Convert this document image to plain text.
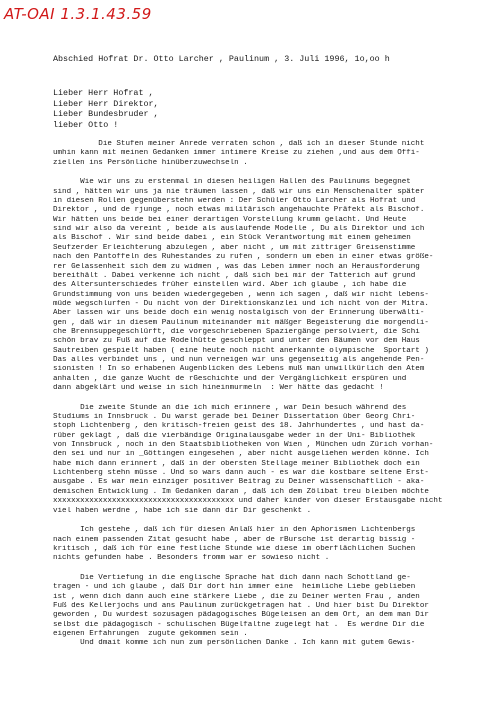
AT-OAI 1.3.1.43.59
Abschied Hofrat Dr. Otto Larcher , Paulinum , 3. Juli 1996, 1o,oo h
Lieber Herr Hofrat ,
Lieber Herr Direktor,
Lieber Bundesbruder ,
lieber Otto !
Die Stufen meiner Anrede verraten schon , daß ich in dieser Stunde nicht
umhin kann mit meinen Gedanken immer intimere Kreise zu ziehen ,und aus dem Offi-
ziellen ins Persönliche hinüberzuwechseln .
Wie wir uns zu erstenmal in diesen heiligen Hallen des Paulinums begegnet
sind , hätten wir uns ja nie träumen lassen , daß wir uns ein Menschenalter später
in diesen Rollen gegenüberstehn werden : Der Schüler Otto Larcher als Hofrat und
Direktor , und de rjunge , noch etwas militärisch angehauchte Präfekt als Bischof.
Wir hätten uns beide bei einer derartigen Vorstellung krumm gelacht. Und Heute
sind wir also da vereint , beide als auslaufende Modelle , Du als Direktor und ich
als Bischof . Wir sind beide dabei , ein Stück Verantwortung mit einem geheimen
Seufzerder Erleichterung abzulegen , aber nicht , um mit zittriger Greisenstimme
nach den Pantoffeln des Ruhestandes zu rufen , sondern um eben in einer etwas größe-
rer Gelassenheit sich dem zu widmen , was das Leben immer noch an Herausforderung
bereithält . Dabei verkenne ich nicht , daß sich bei mir der Tatterich auf grund
des Altersunterschiedes früher einstellen wird. Aber ich glaube , ich habe die
Grundstimmung von uns beiden wiedergegeben , wenn ich sagen , daß wir nicht lebens-
müde wegschlurfen - Du nicht von der Direktionskanzlei und ich nicht von der Mitra.
Aber lassen wir uns beide doch ein wenig nostalgisch von der Erinnerung überwälti-
gen , daß wir in diesem Paulinum miteinander mit mäßger Begeisterung die morgendli-
che Brennsuppegeschlürft, die vorgeschriebenen Spaziergänge persolviert, die Schi
schön brav zu Fuß auf die Rodelhütte geschleppt und unter den Bäumen vor dem Haus
Sautreiben gespielt haben ( eine heute noch nicht anerkannte olympische  Sportart )
Das alles verbindet uns , und nun verneigen wir uns gegenseitig als angehende Pen-
sionisten ! In so erhabenen Augenblicken des Lebens muß man unwillkürlich den Atem
anhalten , die ganze Wucht de rGeschichte und der Vergänglichkeit erspüren und
dann abgeklärt und weise in sich hineinmurmeln  : Wer hätte das gedacht !
Die zweite Stunde an die ich mich erinnere , war Dein besuch während des
Studiums in Innsbruck . Du warst gerade bei Deiner Dissertation über Georg Chri-
stoph Lichtenberg , den kritisch-freien geist des 18. Jahrhundertes , und hast da-
rüber geklagt , daß die vierbändige Originalausgabe weder in der Uni- Bibliothek
von Innsbruck , noch in den Staatsbibliotheken von Wien , München udn Zürich vorhan-
den sei und nur in _Göttingen eingesehen , aber nicht ausgeliehen werden könne. Ich
habe mich dann erinnert , daß in der obersten Stellage meiner Bibliothek doch ein
Lichtenberg stehn müsse . Und so wars dann auch - es war die kostbare seltene Erst-
ausgabe . Es war mein einziger positiver Beitrag zu Deiner wissenschaftlich - aka-
demischen Entwicklung . Im Gedanken daran , daß ich dem Zölibat treu bleiben möchte
xxxxxxxxxxxxxxxxxxxxxxxxxxxxxxxxxxxxxxxx und daher kinder von dieser Erstausgabe nicht
viel haben werdne , habe ich sie dann dir Dir geschenkt .
Ich gestehe , daß ich für diesen Anlaß hier in den Aphorismen Lichtenbergs
nach einem passenden Zitat gesucht habe , aber de rBursche ist derartig bissig -
kritisch , daß ich für eine festliche Stunde wie diese im oberflächlichen Suchen
nichts gefunden habe . Besonders fromm war er sowieso nicht .
Die Vertiefung in die englische Sprache hat dich dann nach Schottland ge-
tragen - und ich glaube , daß Dir dort hin immer eine  heimliche Liebe geblieben
ist , wenn dich dann auch eine stärkere Liebe , die zu Deiner werten Frau , anden
Fuß des Kellerjochs und ans Paulinum zurückgetragen hat . Und hier bist Du Direktor
geworden , Du wurdest sozusagen pädagogisches Bügeleisen an dem Ort, an dem man Dir
selbst die pädagogisch - schulischen Bügelfaltne zugelegt hat .  Es werdne Dir die
eigenen Erfahrungen  zugute gekommen sein .
Und dmait komme ich nun zum persönlichen Danke . Ich kann mit gutem Gewis-
